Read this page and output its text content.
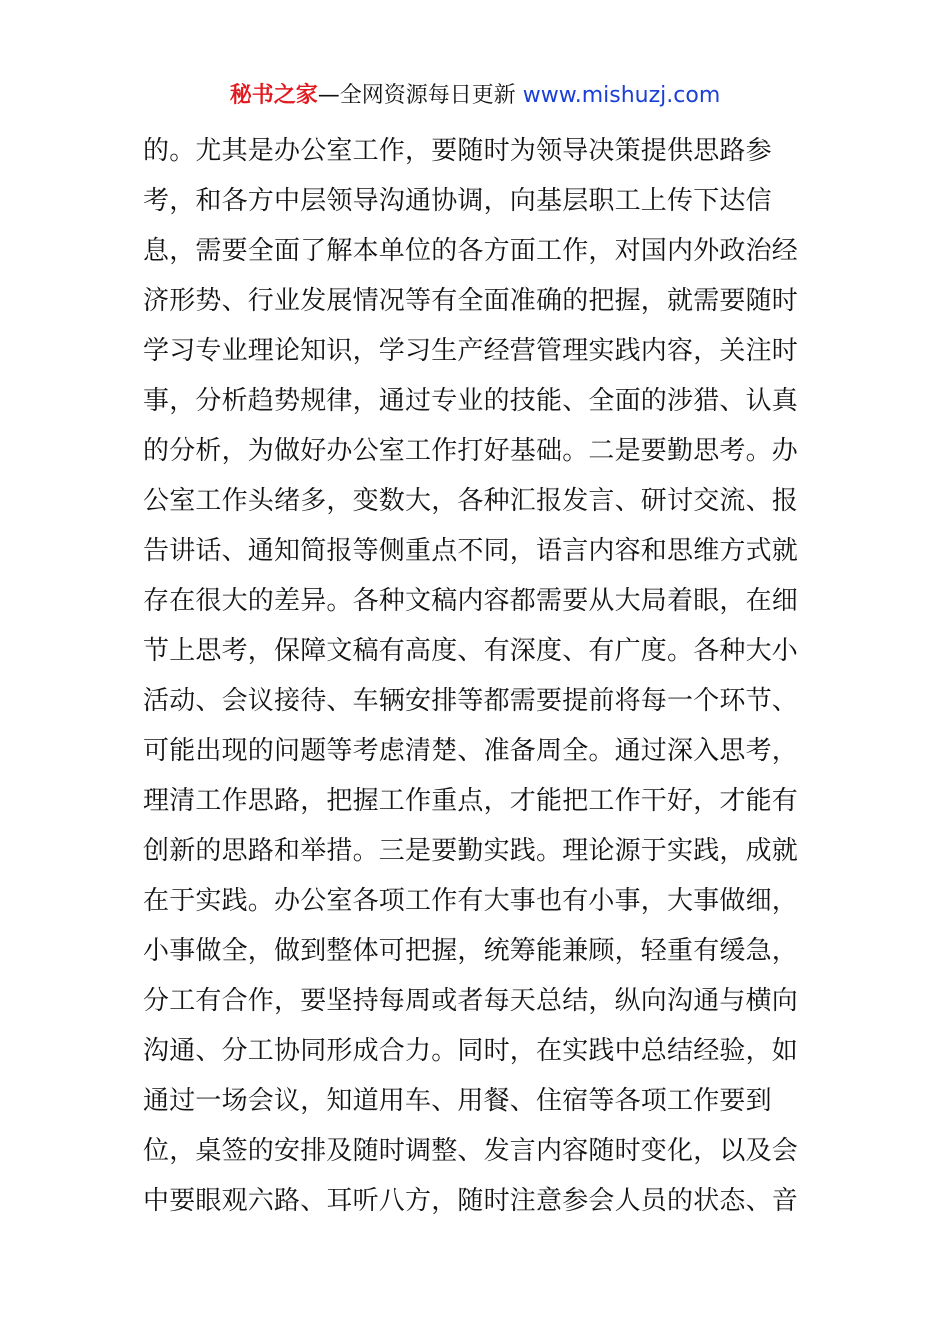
秘书之家—全网资源每日更新 www.mishuzj.com
的。尤其是办公室工作，要随时为领导决策提供思路参
考，和各方中层领导沟通协调，向基层职工上传下达信
息，需要全面了解本单位的各方面工作，对国内外政治经
济形势、行业发展情况等有全面准确的把握，就需要随时
学习专业理论知识，学习生产经营管理实践内容，关注时
事，分析趋势规律，通过专业的技能、全面的涉猎、认真
的分析，为做好办公室工作打好基础。二是要勤思考。办
公室工作头绪多，变数大，各种汇报发言、研讨交流、报
告讲话、通知简报等侧重点不同，语言内容和思维方式就
存在很大的差异。各种文稿内容都需要从大局着眼，在细
节上思考，保障文稿有高度、有深度、有广度。各种大小
活动、会议接待、车辆安排等都需要提前将每一个环节、
可能出现的问题等考虑清楚、准备周全。通过深入思考，
理清工作思路，把握工作重点，才能把工作干好，才能有
创新的思路和举措。三是要勤实践。理论源于实践，成就
在于实践。办公室各项工作有大事也有小事，大事做细，
小事做全，做到整体可把握，统筹能兼顾，轻重有缓急，
分工有合作，要坚持每周或者每天总结，纵向沟通与横向
沟通、分工协同形成合力。同时，在实践中总结经验，如
通过一场会议，知道用车、用餐、住宿等各项工作要到
位，桌签的安排及随时调整、发言内容随时变化，以及会
中要眼观六路、耳听八方，随时注意参会人员的状态、音
